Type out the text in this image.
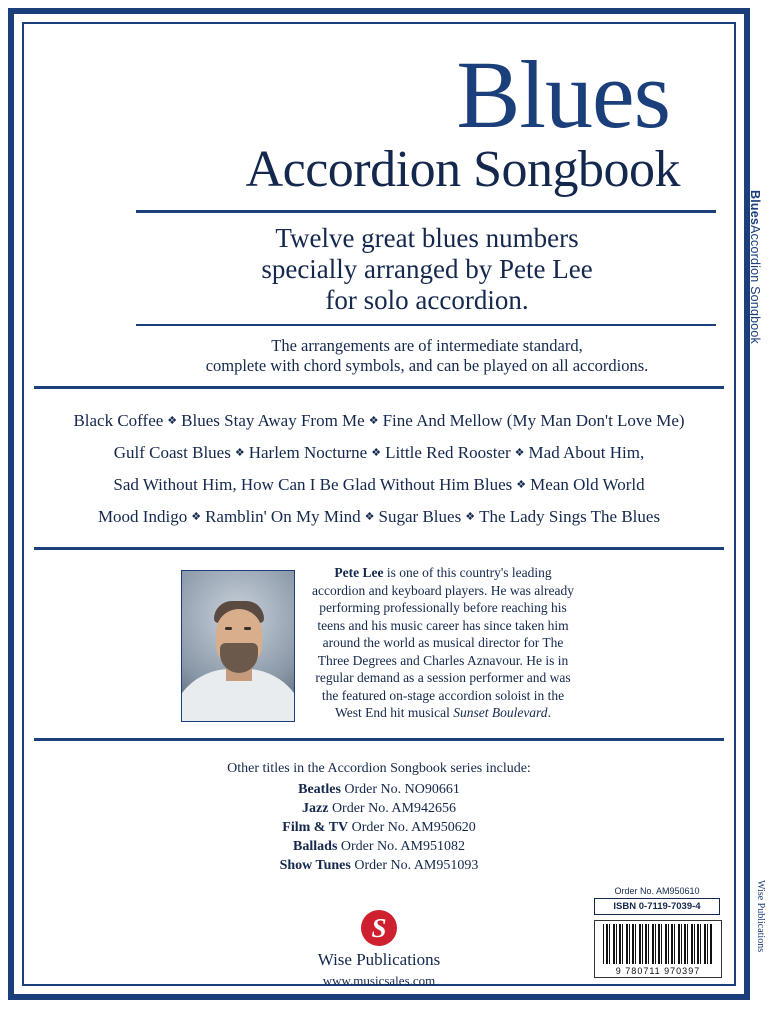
BluesAccordion Songbook
Wise Publications
Blues
Accordion Songbook
Twelve great blues numbers
specially arranged by Pete Lee
for solo accordion.
The arrangements are of intermediate standard,
complete with chord symbols, and can be played on all accordions.
Black Coffee ❖ Blues Stay Away From Me ❖ Fine And Mellow (My Man Don't Love Me)
Gulf Coast Blues ❖ Harlem Nocturne ❖ Little Red Rooster ❖ Mad About Him,
Sad Without Him, How Can I Be Glad Without Him Blues ❖ Mean Old World
Mood Indigo ❖ Ramblin' On My Mind ❖ Sugar Blues ❖ The Lady Sings The Blues
Pete Lee is one of this country's leading accordion and keyboard players. He was already performing professionally before reaching his teens and his music career has since taken him around the world as musical director for The Three Degrees and Charles Aznavour. He is in regular demand as a session performer and was the featured on-stage accordion soloist in the West End hit musical Sunset Boulevard.
Other titles in the Accordion Songbook series include:
Beatles Order No. NO90661
Jazz Order No. AM942656
Film & TV Order No. AM950620
Ballads Order No. AM951082
Show Tunes Order No. AM951093
Order No. AM950610
ISBN 0-7119-7039-4
9 780711 970397
S
Wise Publications
www.musicsales.com
